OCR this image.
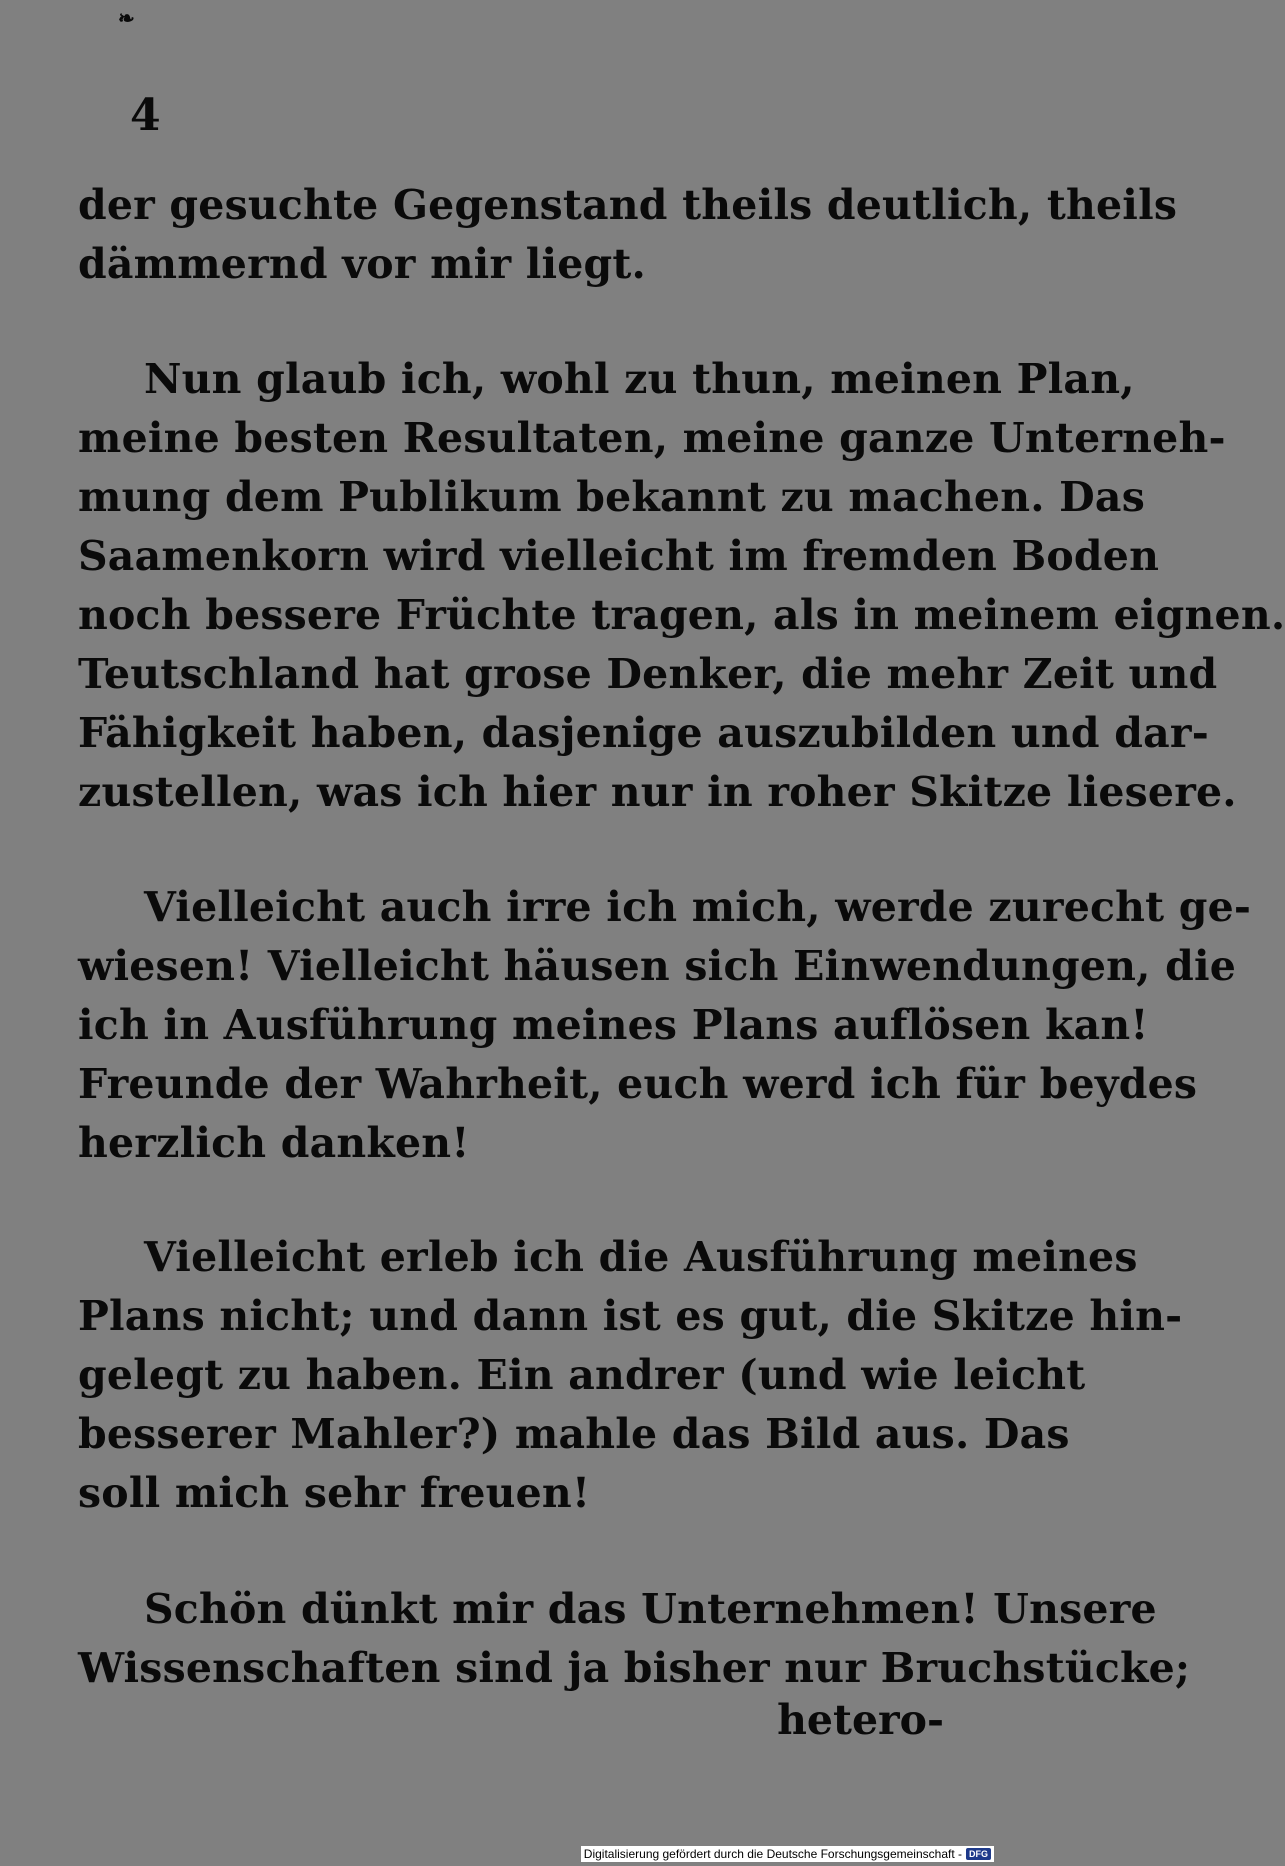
❧
4
der gesuchte Gegenstand theils deutlich, theils
dämmernd vor mir liegt.
Nun glaub ich, wohl zu thun, meinen Plan,
meine besten Resultaten, meine ganze Unterneh-
mung dem Publikum bekannt zu machen. Das
Saamenkorn wird vielleicht im fremden Boden
noch bessere Früchte tragen, als in meinem eignen.
Teutschland hat grose Denker, die mehr Zeit und
Fähigkeit haben, dasjenige auszubilden und dar-
zustellen, was ich hier nur in roher Skitze liesere.
Vielleicht auch irre ich mich, werde zurecht ge-
wiesen! Vielleicht häusen sich Einwendungen, die
ich in Ausführung meines Plans auflösen kan!
Freunde der Wahrheit, euch werd ich für beydes
herzlich danken!
Vielleicht erleb ich die Ausführung meines
Plans nicht; und dann ist es gut, die Skitze hin-
gelegt zu haben. Ein andrer (und wie leicht
besserer Mahler?) mahle das Bild aus. Das
soll mich sehr freuen!
Schön dünkt mir das Unternehmen! Unsere
Wissenschaften sind ja bisher nur Bruchstücke;
hetero-
Digitalisierung gefördert durch die Deutsche Forschungsgemeinschaft - DFG
